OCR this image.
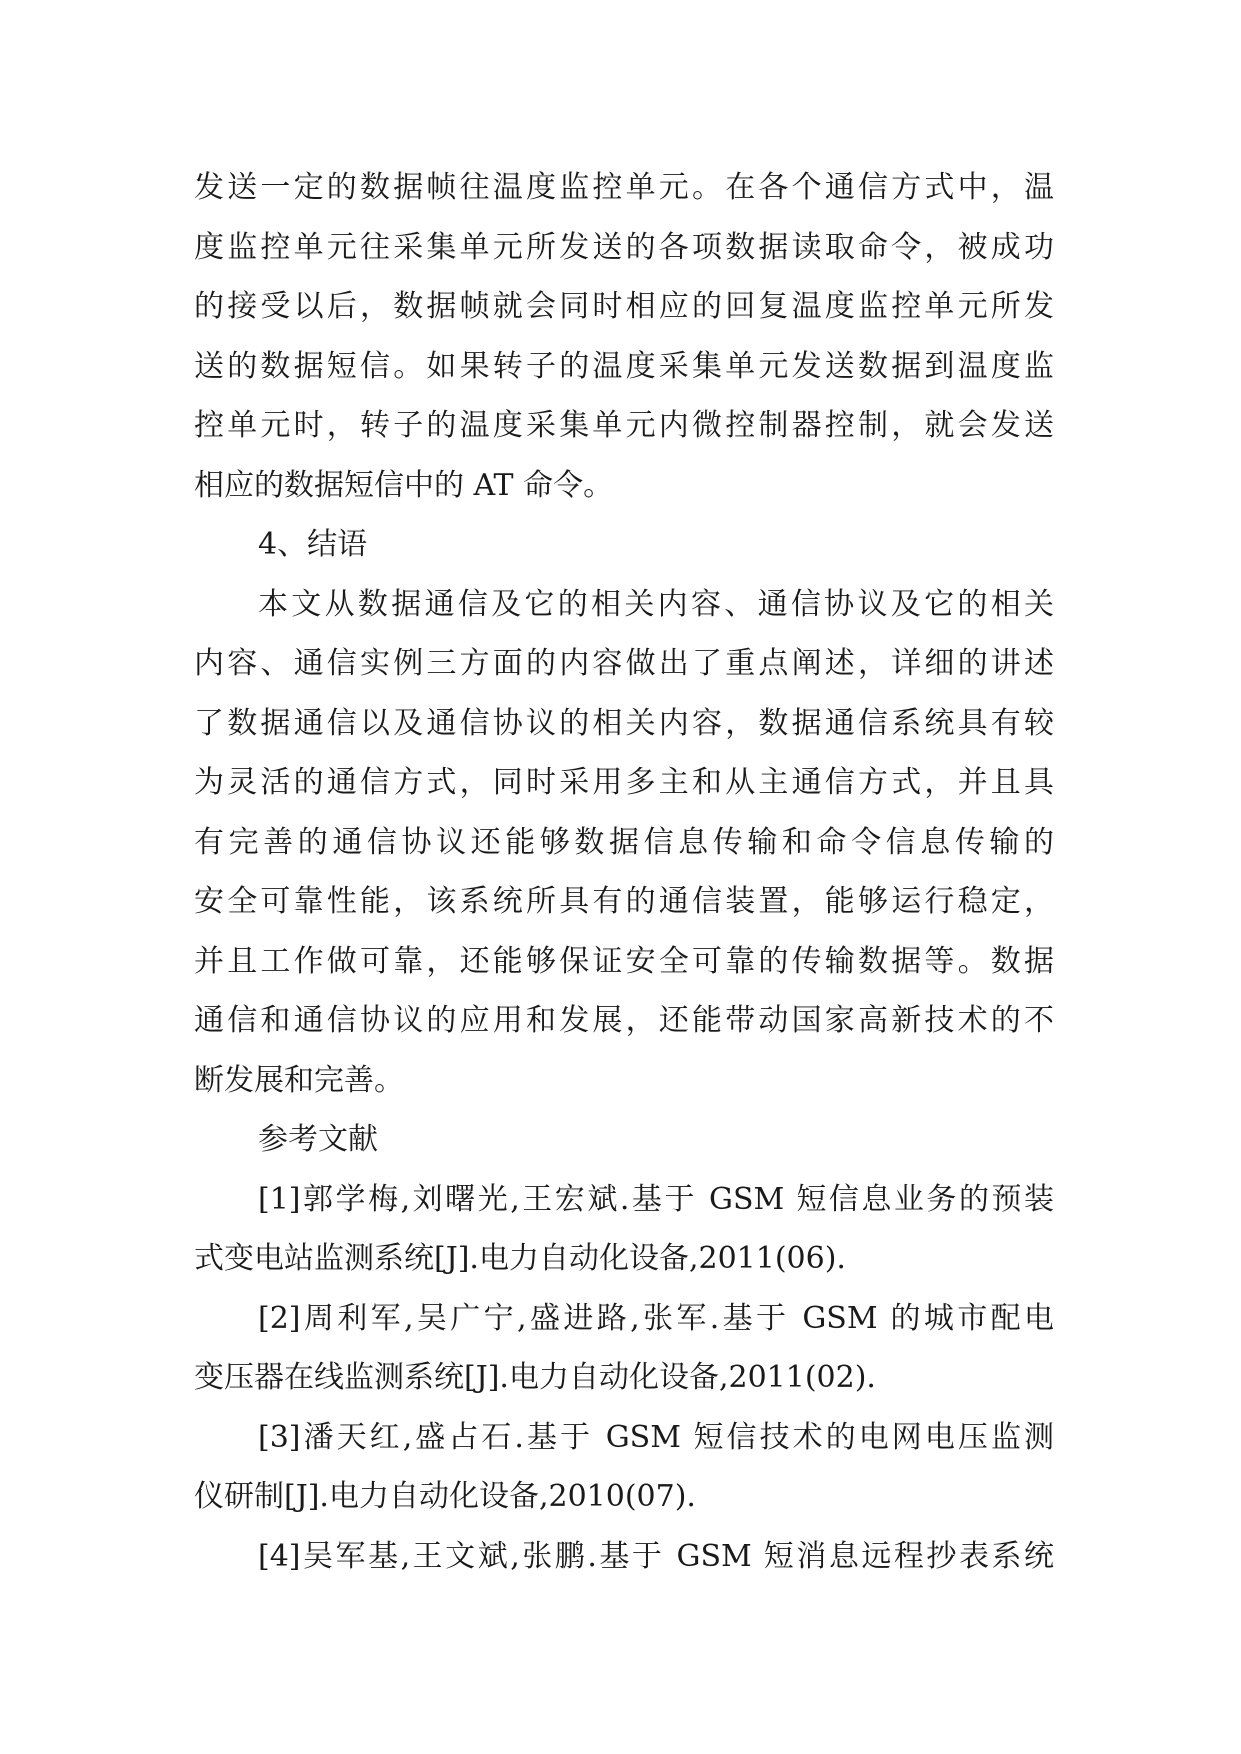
发送一定的数据帧往温度监控单元。在各个通信方式中，温
度监控单元往采集单元所发送的各项数据读取命令，被成功
的接受以后，数据帧就会同时相应的回复温度监控单元所发
送的数据短信。如果转子的温度采集单元发送数据到温度监
控单元时，转子的温度采集单元内微控制器控制，就会发送
相应的数据短信中的 AT 命令。
4、结语
本文从数据通信及它的相关内容、通信协议及它的相关
内容、通信实例三方面的内容做出了重点阐述，详细的讲述
了数据通信以及通信协议的相关内容，数据通信系统具有较
为灵活的通信方式，同时采用多主和从主通信方式，并且具
有完善的通信协议还能够数据信息传输和命令信息传输的
安全可靠性能，该系统所具有的通信装置，能够运行稳定，
并且工作做可靠，还能够保证安全可靠的传输数据等。数据
通信和通信协议的应用和发展，还能带动国家高新技术的不
断发展和完善。
参考文献
[1]郭学梅,刘曙光,王宏斌.基于 GSM 短信息业务的预装
式变电站监测系统[J].电力自动化设备,2011(06).
[2]周利军,吴广宁,盛进路,张军.基于 GSM 的城市配电
变压器在线监测系统[J].电力自动化设备,2011(02).
[3]潘天红,盛占石.基于 GSM 短信技术的电网电压监测
仪研制[J].电力自动化设备,2010(07).
[4]吴军基,王文斌,张鹏.基于 GSM 短消息远程抄表系统
